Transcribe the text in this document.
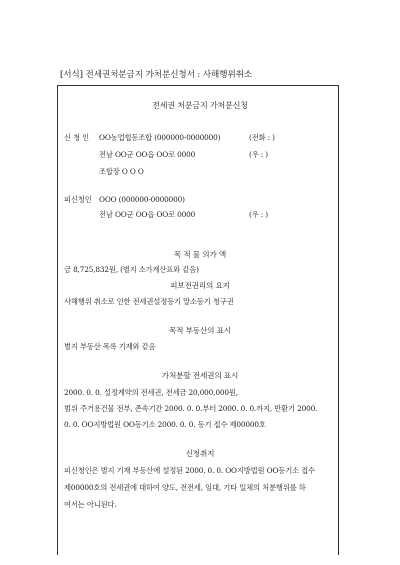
[서식] 전세권처분금지 가처분신청서 : 사해행위취소
전세권 처분금지 가처분신청
신 청 인 OO농업협동조합 (000000-0000000)	(전화 : )
전남 OO군 OO읍 OO로 0000	(우 : )
조합장 O O O
피신청인 OOO (000000-0000000)
전남 OO군 OO읍 OO로 0000	(우 : )
목 적 물 의가 액
금 8,725,832원, (별지 소가계산표와 같음)
피보전권리의 요지
사해행위 취소로 인한 전세권설정등기 말소등기 청구권
목적 부동산의 표시
별지 부동산 목록 기재와 같음
가처분할 전세권의 표시
2000. 0. 0. 설정계약의 전세권, 전세금 20,000,000원,
범위 주거용건물 전부, 존속기간 2000. 0. 0.부터 2000. 0. 0.까지, 반환기 2000.
0. 0. OO지방법원 OO등기소 2000. 0. 0. 등기 접수 제00000호
신청취지
피신청인은 별지 기재 부동산에 설정된 2000. 0. 0. OO지방법원 OO등기소 접수
제00000호의 전세권에 대하여 양도, 전전세, 임대, 기타 일체의 처분행위를 하
여서는 아니된다.
